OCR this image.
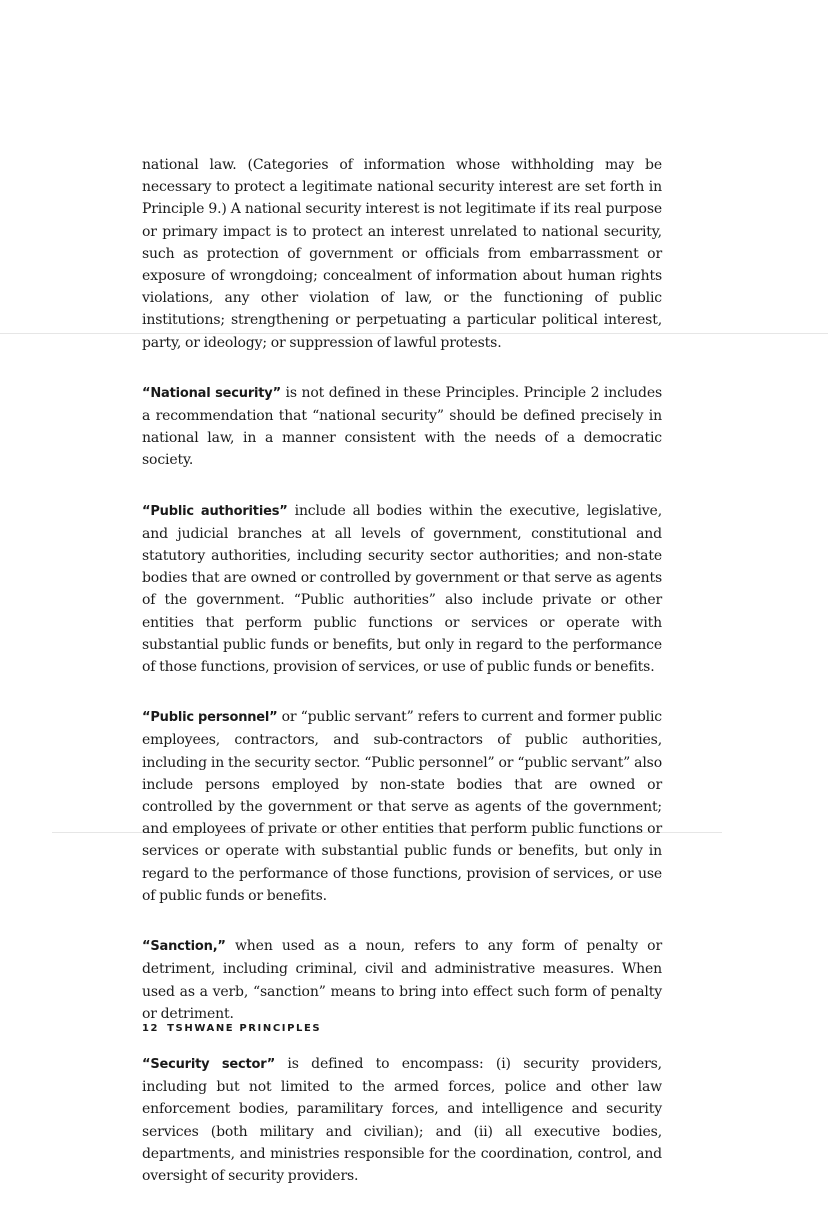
national law. (Categories of information whose withholding may be necessary to protect a legitimate national security interest are set forth in Principle 9.) A national security interest is not legitimate if its real purpose or primary impact is to protect an interest unrelated to national security, such as protection of government or officials from embarrassment or exposure of wrongdoing; concealment of information about human rights violations, any other violation of law, or the functioning of public institutions; strengthening or perpetuating a particular political interest, party, or ideology; or suppression of lawful protests.

“National security” is not defined in these Principles. Principle 2 includes a recommendation that “national security” should be defined precisely in national law, in a manner consistent with the needs of a democratic society.

“Public authorities” include all bodies within the executive, legislative, and judicial branches at all levels of government, constitutional and statutory authorities, including security sector authorities; and non-state bodies that are owned or controlled by government or that serve as agents of the government. “Public authorities” also include private or other entities that perform public functions or services or operate with substantial public funds or benefits, but only in regard to the performance of those functions, provision of services, or use of public funds or benefits.

“Public personnel” or “public servant” refers to current and former public employees, contractors, and sub-contractors of public authorities, including in the security sector. “Public personnel” or “public servant” also include persons employed by non-state bodies that are owned or controlled by the government or that serve as agents of the government; and employees of private or other entities that perform public functions or services or operate with substantial public funds or benefits, but only in regard to the performance of those functions, provision of services, or use of public funds or benefits.

“Sanction,” when used as a noun, refers to any form of penalty or detriment, including criminal, civil and administrative measures. When used as a verb, “sanction” means to bring into effect such form of penalty or detriment.

“Security sector” is defined to encompass: (i) security providers, including but not limited to the armed forces, police and other law enforcement bodies, paramilitary forces, and intelligence and security services (both military and civilian); and (ii) all executive bodies, departments, and ministries responsible for the coordination, control, and oversight of security providers.

12 TSHWANE PRINCIPLES
